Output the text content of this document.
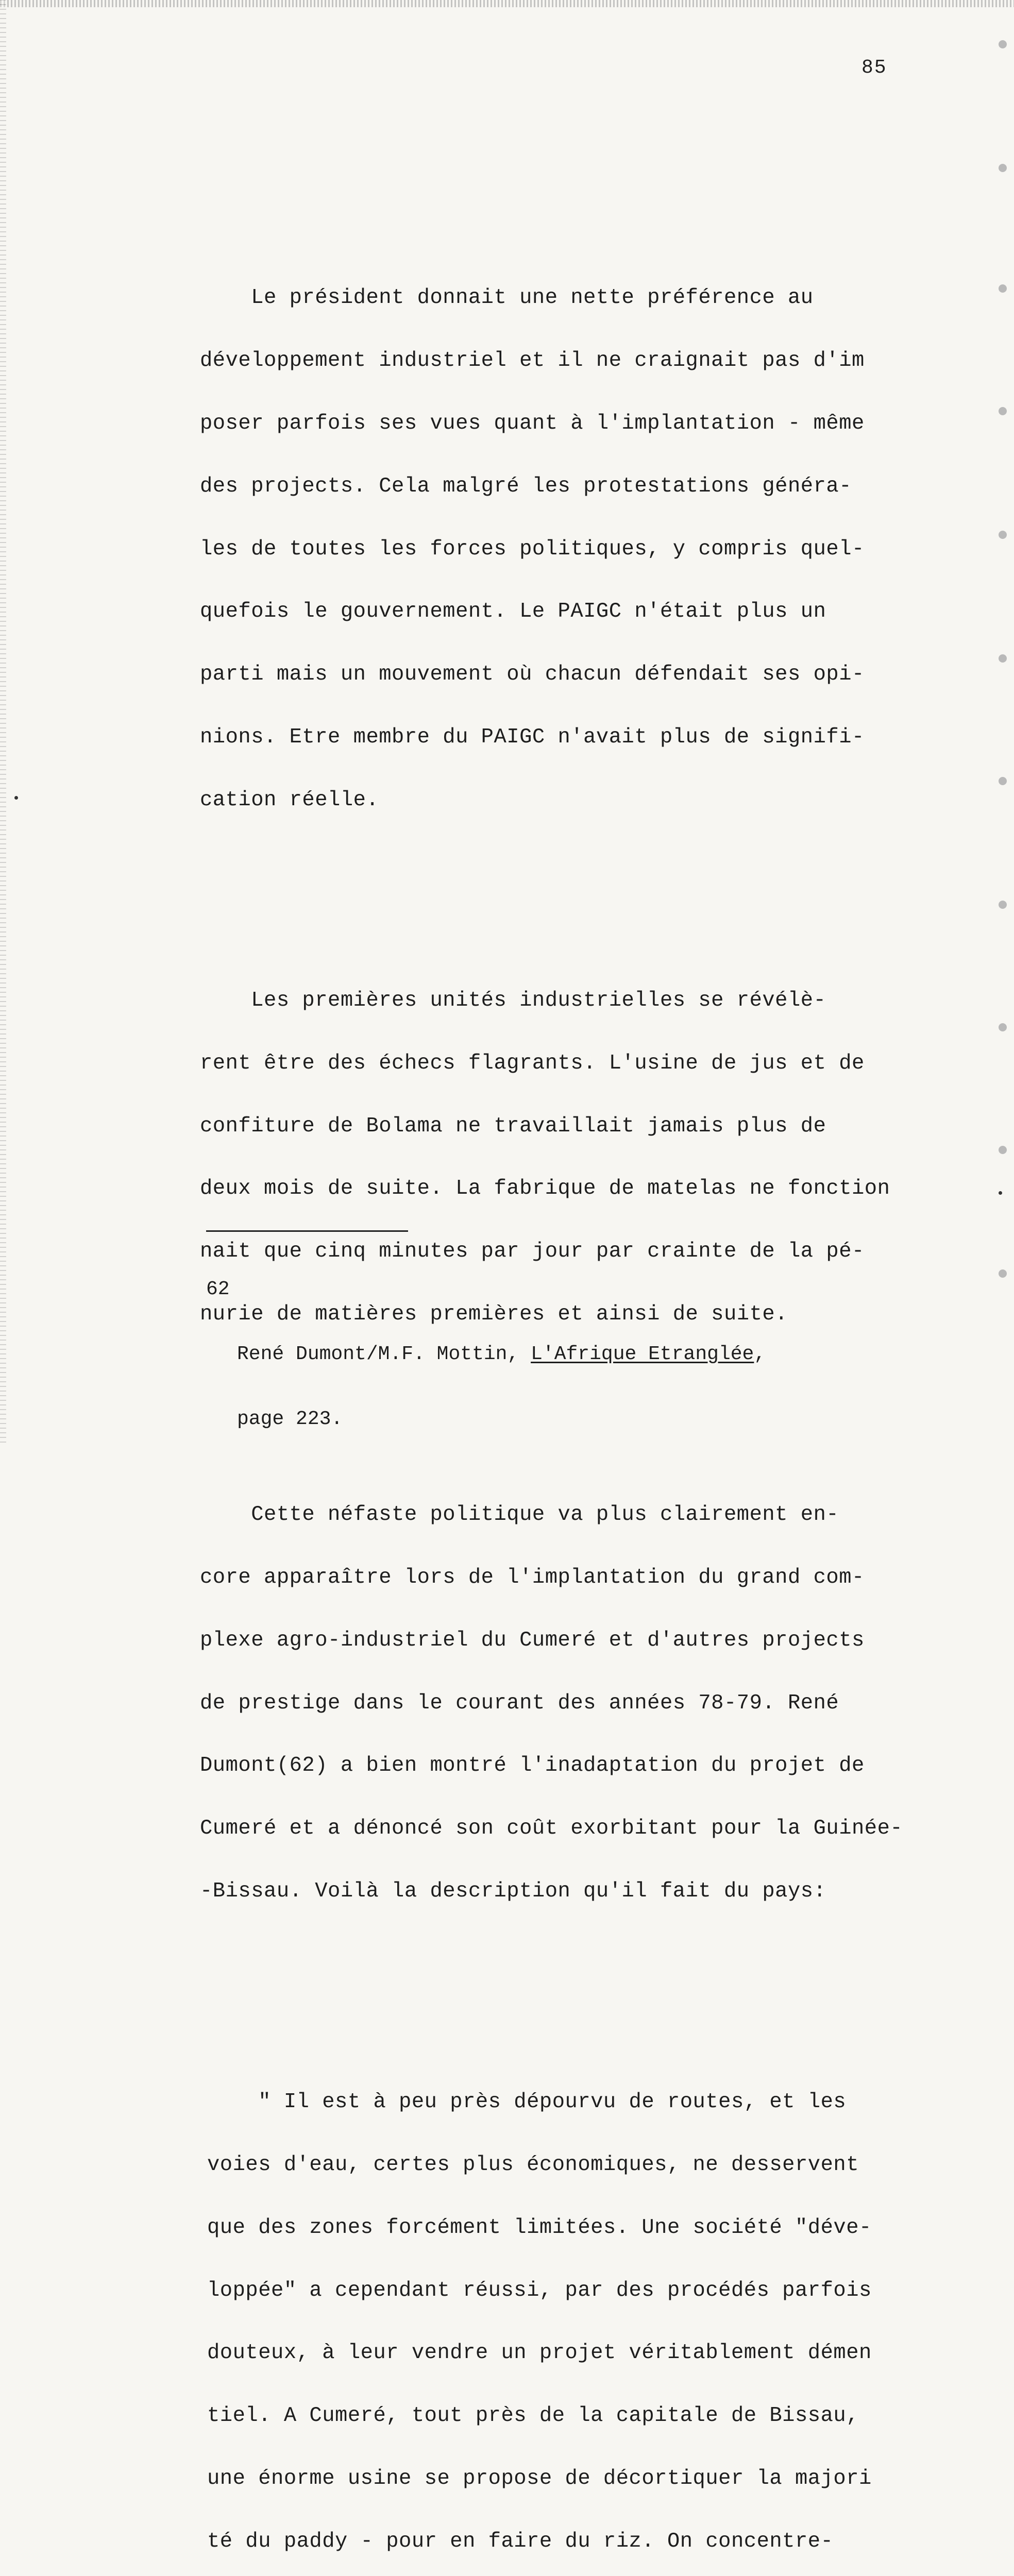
85

Le président donnait une nette préférence au

développement industriel et il ne craignait pas d'im

poser parfois ses vues quant à l'implantation - même

des projects. Cela malgré les protestations généra-

les de toutes les forces politiques, y compris quel-

quefois le gouvernement. Le PAIGC n'était plus un

parti mais un mouvement où chacun défendait ses opi-

nions. Etre membre du PAIGC n'avait plus de signifi-

cation réelle.

Les premières unités industrielles se révélè-

rent être des échecs flagrants. L'usine de jus et de

confiture de Bolama ne travaillait jamais plus de

deux mois de suite. La fabrique de matelas ne fonction

nait que cinq minutes par jour par crainte de la pé-

nurie de matières premières et ainsi de suite.

Cette néfaste politique va plus clairement en-

core apparaître lors de l'implantation du grand com-

plexe agro-industriel du Cumeré et d'autres projects

de prestige dans le courant des années 78-79. René

Dumont(62) a bien montré l'inadaptation du projet de

Cumeré et a dénoncé son coût exorbitant pour la Guinée-

-Bissau. Voilà la description qu'il fait du pays:

" Il est à peu près dépourvu de routes, et les

voies d'eau, certes plus économiques, ne desservent

que des zones forcément limitées. Une société "déve-

loppée" a cependant réussi, par des procédés parfois

douteux, à leur vendre un projet véritablement démen

tiel. A Cumeré, tout près de la capitale de Bissau,

une énorme usine se propose de décortiquer la majori

té du paddy - pour en faire du riz. On concentre-

62

René Dumont/M.F. Mottin, L'Afrique Etranglée,

page 223.
